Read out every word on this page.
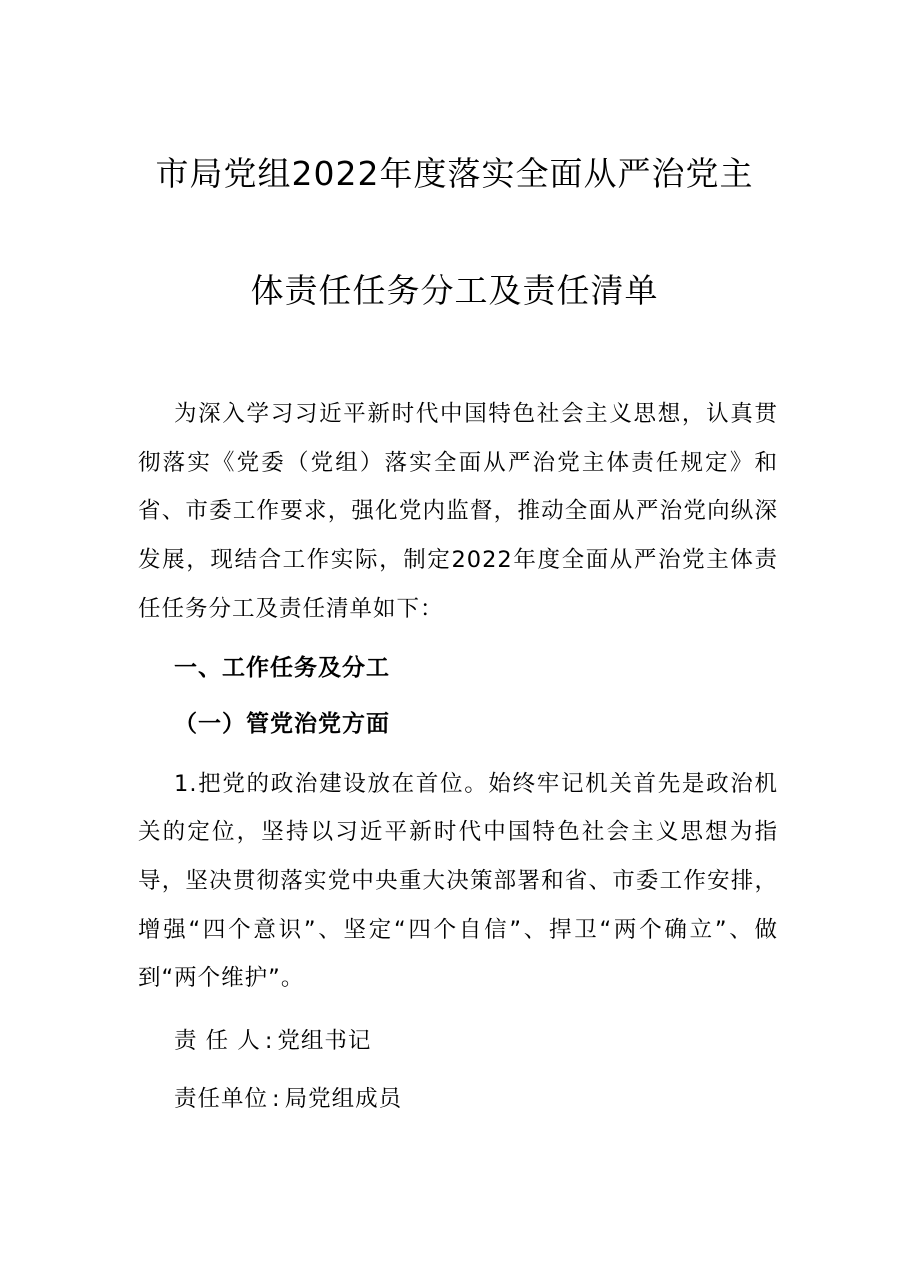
市局党组2022年度落实全面从严治党主
体责任任务分工及责任清单

为深入学习习近平新时代中国特色社会主义思想，认真贯彻落实《党委（党组）落实全面从严治党主体责任规定》和省、市委工作要求，强化党内监督，推动全面从严治党向纵深发展，现结合工作实际，制定2022年度全面从严治党主体责任任务分工及责任清单如下：

一、工作任务及分工
（一）管党治党方面

1.把党的政治建设放在首位。始终牢记机关首先是政治机关的定位，坚持以习近平新时代中国特色社会主义思想为指导，坚决贯彻落实党中央重大决策部署和省、市委工作安排，增强“四个意识”、坚定“四个自信”、捍卫“两个确立”、做到“两个维护”。

责 任 人 : 党组书记
责任单位 : 局党组成员
